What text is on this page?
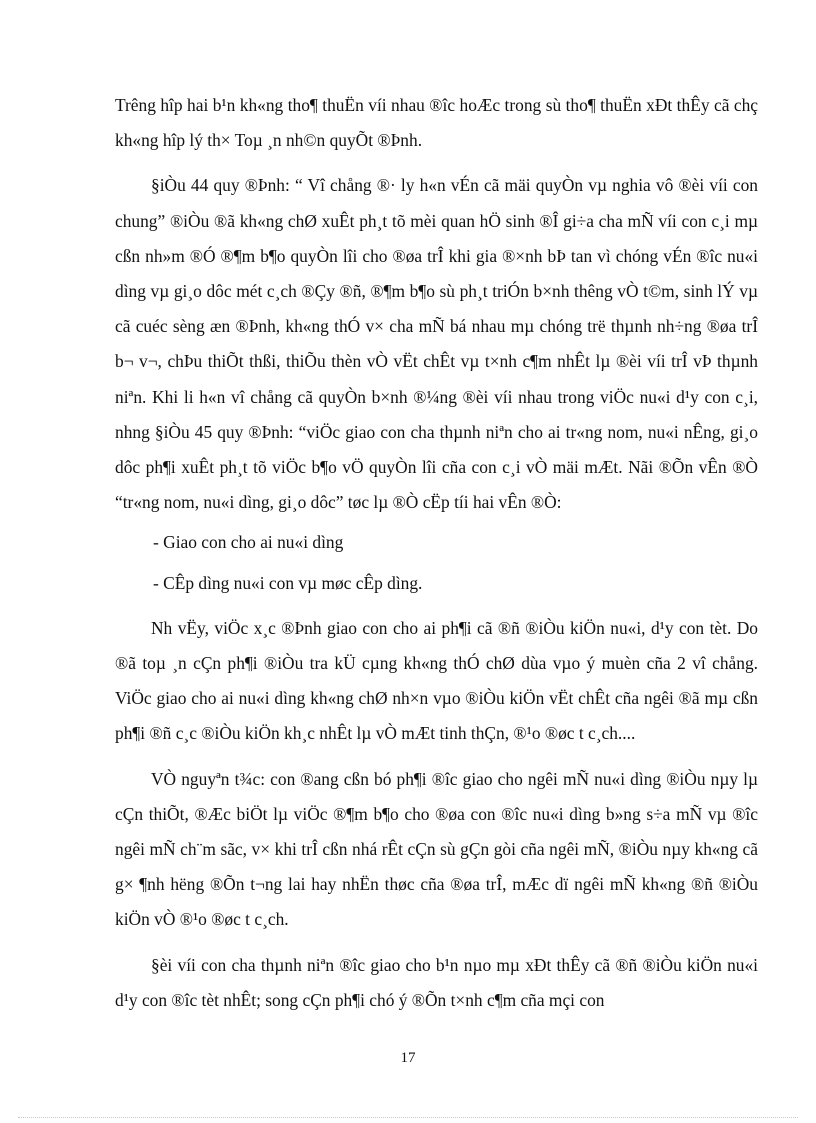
Trêng hîp hai b¹n kh«ng tho¶ thuËn víi nhau ®îc hoÆc trong sù tho¶ thuËn xÐt thÊy cã chç kh«ng hîp lý th× Toµ ¸n nh©n quyÕt ®Þnh.

§iÒu 44 quy ®Þnh: “ Vî chång ®· ly h«n vÉn cã mäi quyÒn vµ nghia vô ®èi víi con chung” ®iÒu ®ã kh«ng chØ xuÊt ph¸t tõ mèi quan hÖ sinh ®Î gi÷a cha mÑ víi con c¸i mµ cßn nh»m ®Ó ®¶m b¶o quyÒn lîi cho ®øa trÎ khi gia ®×nh bÞ tan vì chóng vÉn ®îc nu«i dìng vµ gi¸o dôc mét c¸ch ®Çy ®ñ, ®¶m b¶o sù ph¸t triÓn b×nh thêng vÒ t©m, sinh lÝ vµ cã cuéc sèng æn ®Þnh, kh«ng thÓ v× cha mÑ bá nhau mµ chóng trë thµnh nh÷ng ®øa trÎ b¬ v¬, chÞu thiÕt thßi, thiÕu thèn vÒ vËt chÊt vµ t×nh c¶m nhÊt lµ ®èi víi trÎ vÞ thµnh niªn. Khi li h«n vî chång cã quyÒn b×nh ®¼ng ®èi víi nhau trong viÖc nu«i d¹y con c¸i, nhng §iÒu 45 quy ®Þnh: “viÖc giao con cha thµnh niªn cho ai tr«ng nom, nu«i nÊng, gi¸o dôc ph¶i xuÊt ph¸t tõ viÖc b¶o vÖ quyÒn lîi cña con c¸i vÒ mäi mÆt. Nãi ®Õn vÊn ®Ò “tr«ng nom, nu«i dìng, gi¸o dôc” tøc lµ ®Ò cËp tíi hai vÊn ®Ò:

- Giao con cho ai nu«i dìng

- CÊp dìng nu«i con vµ møc cÊp dìng.

Nh vËy, viÖc x¸c ®Þnh giao con cho ai ph¶i cã ®ñ ®iÒu kiÖn nu«i, d¹y con tèt. Do ®ã toµ ¸n cÇn ph¶i ®iÒu tra kÜ cµng kh«ng thÓ chØ dùa vµo ý muèn cña 2 vî chång. ViÖc giao cho ai nu«i dìng kh«ng chØ nh×n vµo ®iÒu kiÖn vËt chÊt cña ngêi ®ã mµ cßn ph¶i ®ñ c¸c ®iÒu kiÖn kh¸c nhÊt lµ vÒ mÆt tinh thÇn, ®¹o ®øc t c¸ch....

VÒ nguyªn t¾c: con ®ang cßn bó ph¶i ®îc giao cho ngêi mÑ nu«i dìng ®iÒu nµy lµ cÇn thiÕt, ®Æc biÖt lµ viÖc ®¶m b¶o cho ®øa con ®îc nu«i dìng b»ng s÷a mÑ vµ ®îc ngêi mÑ ch¨m sãc, v× khi trÎ cßn nhá rÊt cÇn sù gÇn gòi cña ngêi mÑ, ®iÒu nµy kh«ng cã g× ¶nh hëng ®Õn t¬ng lai hay nhËn thøc cña ®øa trÎ, mÆc dï ngêi mÑ kh«ng ®ñ ®iÒu kiÖn vÒ ®¹o ®øc t c¸ch.

§èi víi con cha thµnh niªn ®îc giao cho b¹n nµo mµ xÐt thÊy cã ®ñ ®iÒu kiÖn nu«i d¹y con ®îc tèt nhÊt; song cÇn ph¶i chó ý ®Õn t×nh c¶m cña mçi con

17
